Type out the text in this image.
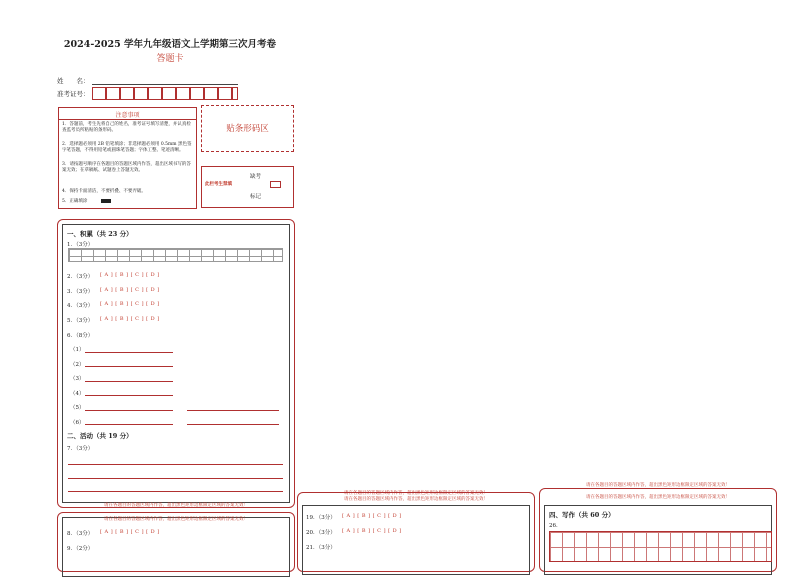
2024-2025 学年九年级语文上学期第三次月考卷
答题卡
姓　　名：
准考证号：
注意事项
1．答题前，考生先将自己的姓名，准考证号填写清楚，并认真检查监考员所粘贴的条形码。
2．选择题必须用 2B 铅笔填涂；非选择题必须用 0.5mm 黑色签字笔答题，不得用铅笔或圆珠笔答题；字体工整、笔迹清晰。
3．请按题号顺序在各题目的答题区域内作答，超出区域书写的答案无效；在草稿纸、试题卷上答题无效。
4．保持卡面清洁，不要折叠、不要弄破。
5．正确填涂
贴条形码区
此栏考生禁填
缺考
标记
一、积累（共 23 分）
1．（3分）
2．（3分） [ A ] [ B ] [ C ] [ D ]
3．（3分） [ A ] [ B ] [ C ] [ D ]
4．（3分） [ A ] [ B ] [ C ] [ D ]
5．（3分） [ A ] [ B ] [ C ] [ D ]
6．（8分）
（1）
（2）
（3）
（4）
（5）
（6）
二、活动（共 19 分）
7．（3分）
请在各题目的答题区域内作答，超出黑色矩形边框限定区域的答案无效！
请在各题目的答题区域内作答，超出黑色矩形边框限定区域的答案无效！
8．（3分） [ A ] [ B ] [ C ] [ D ]
9．（2分）
请在各题目的答题区域内作答，超出黑色矩形边框限定区域的答案无效！
请在各题目的答题区域内作答，超出黑色矩形边框限定区域的答案无效！
19．（3分） [ A ] [ B ] [ C ] [ D ]
20．（3分） [ A ] [ B ] [ C ] [ D ]
21．（3分）
请在各题目的答题区域内作答，超出黑色矩形边框限定区域的答案无效！
请在各题目的答题区域内作答，超出黑色矩形边框限定区域的答案无效！
四、写作（共 60 分）
26.
